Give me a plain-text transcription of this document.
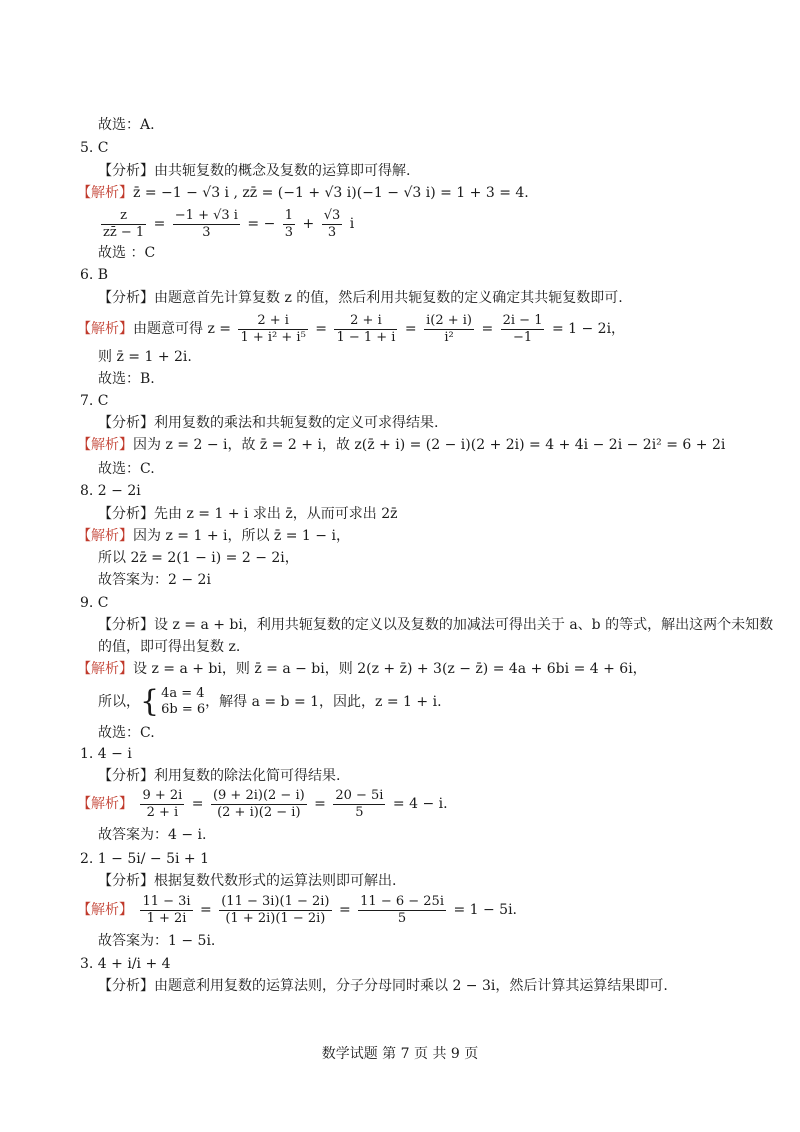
故选：A.
5. C
【分析】由共轭复数的概念及复数的运算即可得解.
【解析】z̄ = −1 − √3 i , zz̄ = (−1 + √3 i)(−1 − √3 i) = 1 + 3 = 4.
$\frac{z}{zz̄ - 1} = \frac{-1 + √3 i}{3}$ = − $\frac{1}{3} + \frac{√3}{3}$ i
故选 ：C
6. B
【分析】由题意首先计算复数 z 的值，然后利用共轭复数的定义确定其共轭复数即可.
【解析】由题意可得 $z = \frac{2 + i}{\text{1 + i² + i⁵}} = \frac{2 + i}{1 - 1 + i} = \frac{i(2 + i)}{\text{i²}} = \frac{2i - 1}{-1} = 1 - 2i$，
则 z̄ = 1 + 2i.
故选：B.
7. C
【分析】利用复数的乘法和共轭复数的定义可求得结果.
【解析】因为 z = 2 − i，故 z̄ = 2 + i，故 z(z̄ + i) = (2 − i)(2 + 2i) = 4 + 4i − 2i − 2i² = 6 + 2i
故选：C.
8. 2 − 2i
【分析】先由 z = 1 + i 求出 z̄，从而可求出 2z̄
【解析】因为 z = 1 + i，所以 z̄ = 1 − i，
所以 2z̄ = 2(1 − i) = 2 − 2i，
故答案为：2 − 2i
9. C
【分析】设 z = a + bi，利用共轭复数的定义以及复数的加减法可得出关于 a、b 的等式，解出这两个未知数
的值，即可得出复数 z.
【解析】设 z = a + bi，则 z̄ = a − bi，则 2(z + z̄) + 3(z − z̄) = 4a + 6bi = 4 + 6i，
所以，{ 4a = 4
6b = 6 ，解得 a = b = 1，因此，z = 1 + i.
故选：C.
1. 4 − i
【分析】利用复数的除法化简可得结果.
【解析】 $\frac{9 + 2i}{2 + i} = \frac{(9 + 2i)(2 - i)}{(2 + i)(2 - i)} = \frac{20 - 5i}{5} = 4 - i$.
故答案为：4 − i.
2. 1 − 5i/ − 5i + 1
【分析】根据复数代数形式的运算法则即可解出.
【解析】 $\frac{11 - 3i}{1 + 2i} = \frac{(11 - 3i)(1 - 2i)}{(1 + 2i)(1 - 2i)} = \frac{11 - 6 - 25i}{5} = 1 - 5i$.
故答案为：1 − 5i.
3. 4 + i/i + 4
【分析】由题意利用复数的运算法则，分子分母同时乘以 2 − 3i，然后计算其运算结果即可.
数学试题 第 7 页 共 9 页
